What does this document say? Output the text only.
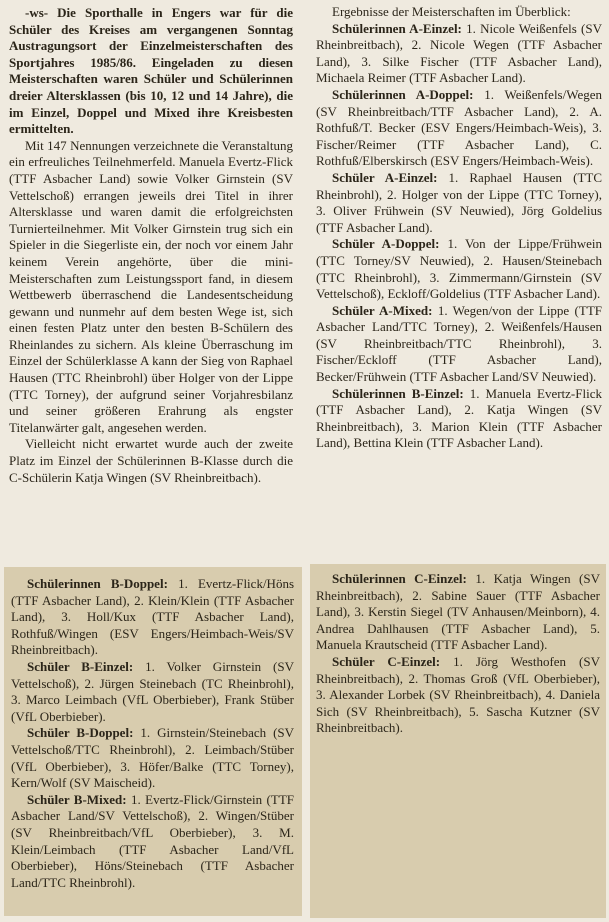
-ws- Die Sporthalle in Engers war für die Schüler des Kreises am vergangenen Sonntag Austragungsort der Einzelmeisterschaften des Sportjahres 1985/86. Eingeladen zu diesen Meisterschaften waren Schüler und Schülerinnen dreier Altersklassen (bis 10, 12 und 14 Jahre), die im Einzel, Doppel und Mixed ihre Kreisbesten ermittelten.

Mit 147 Nennungen verzeichnete die Veranstaltung ein erfreuliches Teilnehmerfeld. Manuela Evertz-Flick (TTF Asbacher Land) sowie Volker Girnstein (SV Vettelschoß) errangen jeweils drei Titel in ihrer Altersklasse und waren damit die erfolgreichsten Turnierteilnehmer. Mit Volker Girnstein trug sich ein Spieler in die Siegerliste ein, der noch vor einem Jahr keinem Verein angehörte, über die mini-Meisterschaften zum Leistungssport fand, in diesem Wettbewerb überraschend die Landesentscheidung gewann und nunmehr auf dem besten Wege ist, sich einen festen Platz unter den besten B-Schülern des Rheinlandes zu sichern. Als kleine Überraschung im Einzel der Schülerklasse A kann der Sieg von Raphael Hausen (TTC Rheinbrohl) über Holger von der Lippe (TTC Torney), der aufgrund seiner Vorjahresbilanz und seiner größeren Erahrung als engster Titelanwärter galt, angesehen werden.

Vielleicht nicht erwartet wurde auch der zweite Platz im Einzel der Schülerinnen B-Klasse durch die C-Schülerin Katja Wingen (SV Rheinbreitbach).

Ergebnisse der Meisterschaften im Überblick:

Schülerinnen A-Einzel: 1. Nicole Weißenfels (SV Rheinbreitbach), 2. Nicole Wegen (TTF Asbacher Land), 3. Silke Fischer (TTF Asbacher Land), Michaela Reimer (TTF Asbacher Land).

Schülerinnen A-Doppel: 1. Weißenfels/Wegen (SV Rheinbreitbach/TTF Asbacher Land), 2. A. Rothfuß/T. Becker (ESV Engers/Heimbach-Weis), 3. Fischer/Reimer (TTF Asbacher Land), C. Rothfuß/Elberskirsch (ESV Engers/Heimbach-Weis).

Schüler A-Einzel: 1. Raphael Hausen (TTC Rheinbrohl), 2. Holger von der Lippe (TTC Torney), 3. Oliver Frühwein (SV Neuwied), Jörg Goldelius (TTF Asbacher Land).

Schüler A-Doppel: 1. Von der Lippe/Frühwein (TTC Torney/SV Neuwied), 2. Hausen/Steinebach (TTC Rheinbrohl), 3. Zimmermann/Girnstein (SV Vettelschoß), Eckloff/Goldelius (TTF Asbacher Land).

Schüler A-Mixed: 1. Wegen/von der Lippe (TTF Asbacher Land/TTC Torney), 2. Weißenfels/Hausen (SV Rheinbreitbach/TTC Rheinbrohl), 3. Fischer/Eckloff (TTF Asbacher Land), Becker/Frühwein (TTF Asbacher Land/SV Neuwied).

Schülerinnen B-Einzel: 1. Manuela Evertz-Flick (TTF Asbacher Land), 2. Katja Wingen (SV Rheinbreitbach), 3. Marion Klein (TTF Asbacher Land), Bettina Klein (TTF Asbacher Land).

Schülerinnen B-Doppel: 1. Evertz-Flick/Höns (TTF Asbacher Land), 2. Klein/Klein (TTF Asbacher Land), 3. Holl/Kux (TTF Asbacher Land), Rothfuß/Wingen (ESV Engers/Heimbach-Weis/SV Rheinbreitbach).

Schüler B-Einzel: 1. Volker Girnstein (SV Vettelschoß), 2. Jürgen Steinebach (TC Rheinbrohl), 3. Marco Leimbach (VfL Oberbieber), Frank Stüber (VfL Oberbieber).

Schüler B-Doppel: 1. Girnstein/Steinebach (SV Vettelschoß/TTC Rheinbrohl), 2. Leimbach/Stüber (VfL Oberbieber), 3. Höfer/Balke (TTC Torney), Kern/Wolf (SV Maischeid).

Schüler B-Mixed: 1. Evertz-Flick/Girnstein (TTF Asbacher Land/SV Vettelschoß), 2. Wingen/Stüber (SV Rheinbreitbach/VfL Oberbieber), 3. M. Klein/Leimbach (TTF Asbacher Land/VfL Oberbieber), Höns/Steinebach (TTF Asbacher Land/TTC Rheinbrohl).

Schülerinnen C-Einzel: 1. Katja Wingen (SV Rheinbreitbach), 2. Sabine Sauer (TTF Asbacher Land), 3. Kerstin Siegel (TV Anhausen/Meinborn), 4. Andrea Dahlhausen (TTF Asbacher Land), 5. Manuela Krautscheid (TTF Asbacher Land).

Schüler C-Einzel: 1. Jörg Westhofen (SV Rheinbreitbach), 2. Thomas Groß (VfL Oberbieber), 3. Alexander Lorbek (SV Rheinbreitbach), 4. Daniela Sich (SV Rheinbreitbach), 5. Sascha Kutzner (SV Rheinbreitbach).
